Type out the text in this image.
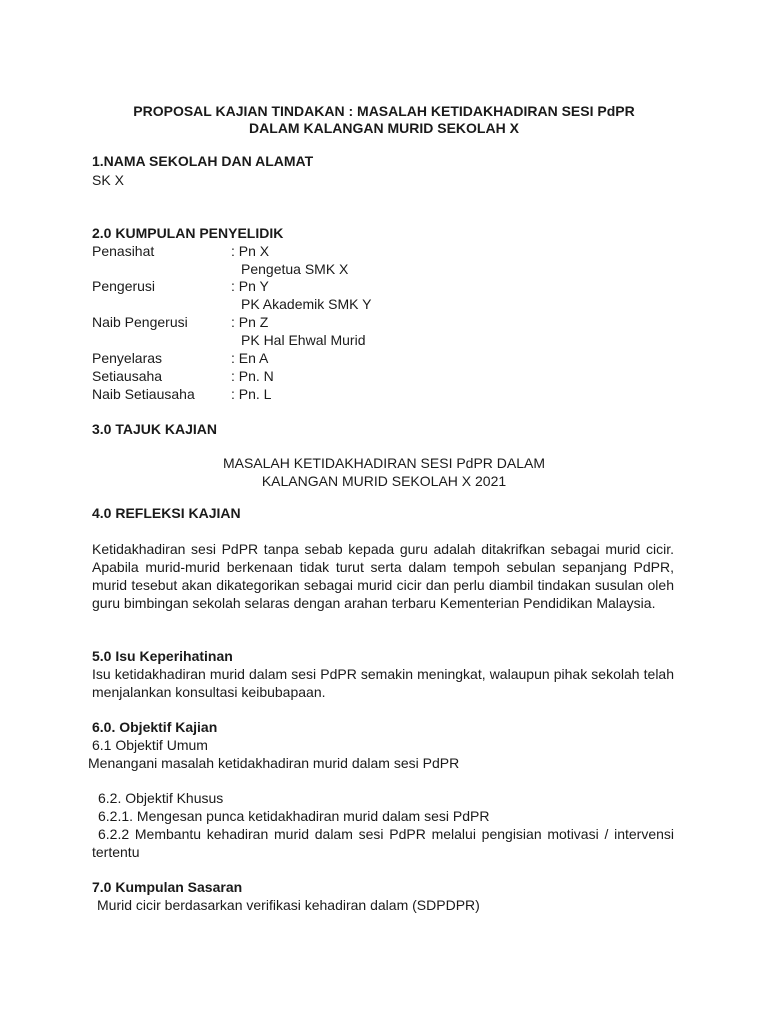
PROPOSAL KAJIAN TINDAKAN : MASALAH KETIDAKHADIRAN SESI PdPR
DALAM KALANGAN MURID SEKOLAH X
1.NAMA SEKOLAH DAN ALAMAT
SK X
2.0 KUMPULAN PENYELIDIK
Penasihat	: Pn X
Pengetua SMK X
Pengerusi	: Pn Y
PK Akademik SMK Y
Naib Pengerusi	: Pn Z
PK Hal Ehwal Murid
Penyelaras	: En A
Setiausaha	: Pn. N
Naib Setiausaha	: Pn. L
3.0 TAJUK KAJIAN
MASALAH KETIDAKHADIRAN SESI PdPR DALAM
KALANGAN MURID SEKOLAH X 2021
4.0 REFLEKSI KAJIAN
Ketidakhadiran sesi PdPR tanpa sebab kepada guru adalah ditakrifkan sebagai murid cicir. Apabila murid-murid berkenaan tidak turut serta dalam tempoh sebulan sepanjang PdPR, murid tesebut akan dikategorikan sebagai murid cicir dan perlu diambil tindakan susulan oleh guru bimbingan sekolah selaras dengan arahan terbaru Kementerian Pendidikan Malaysia.
5.0 Isu Keperihatinan
Isu ketidakhadiran murid dalam sesi PdPR semakin meningkat, walaupun pihak sekolah telah menjalankan konsultasi keibubapaan.
6.0. Objektif Kajian
6.1 Objektif Umum
Menangani masalah ketidakhadiran murid dalam sesi PdPR
6.2. Objektif Khusus
6.2.1. Mengesan punca ketidakhadiran murid dalam sesi PdPR
6.2.2 Membantu kehadiran murid dalam sesi PdPR melalui pengisian motivasi / intervensi tertentu
7.0 Kumpulan Sasaran
Murid cicir berdasarkan verifikasi kehadiran dalam (SDPDPR)
